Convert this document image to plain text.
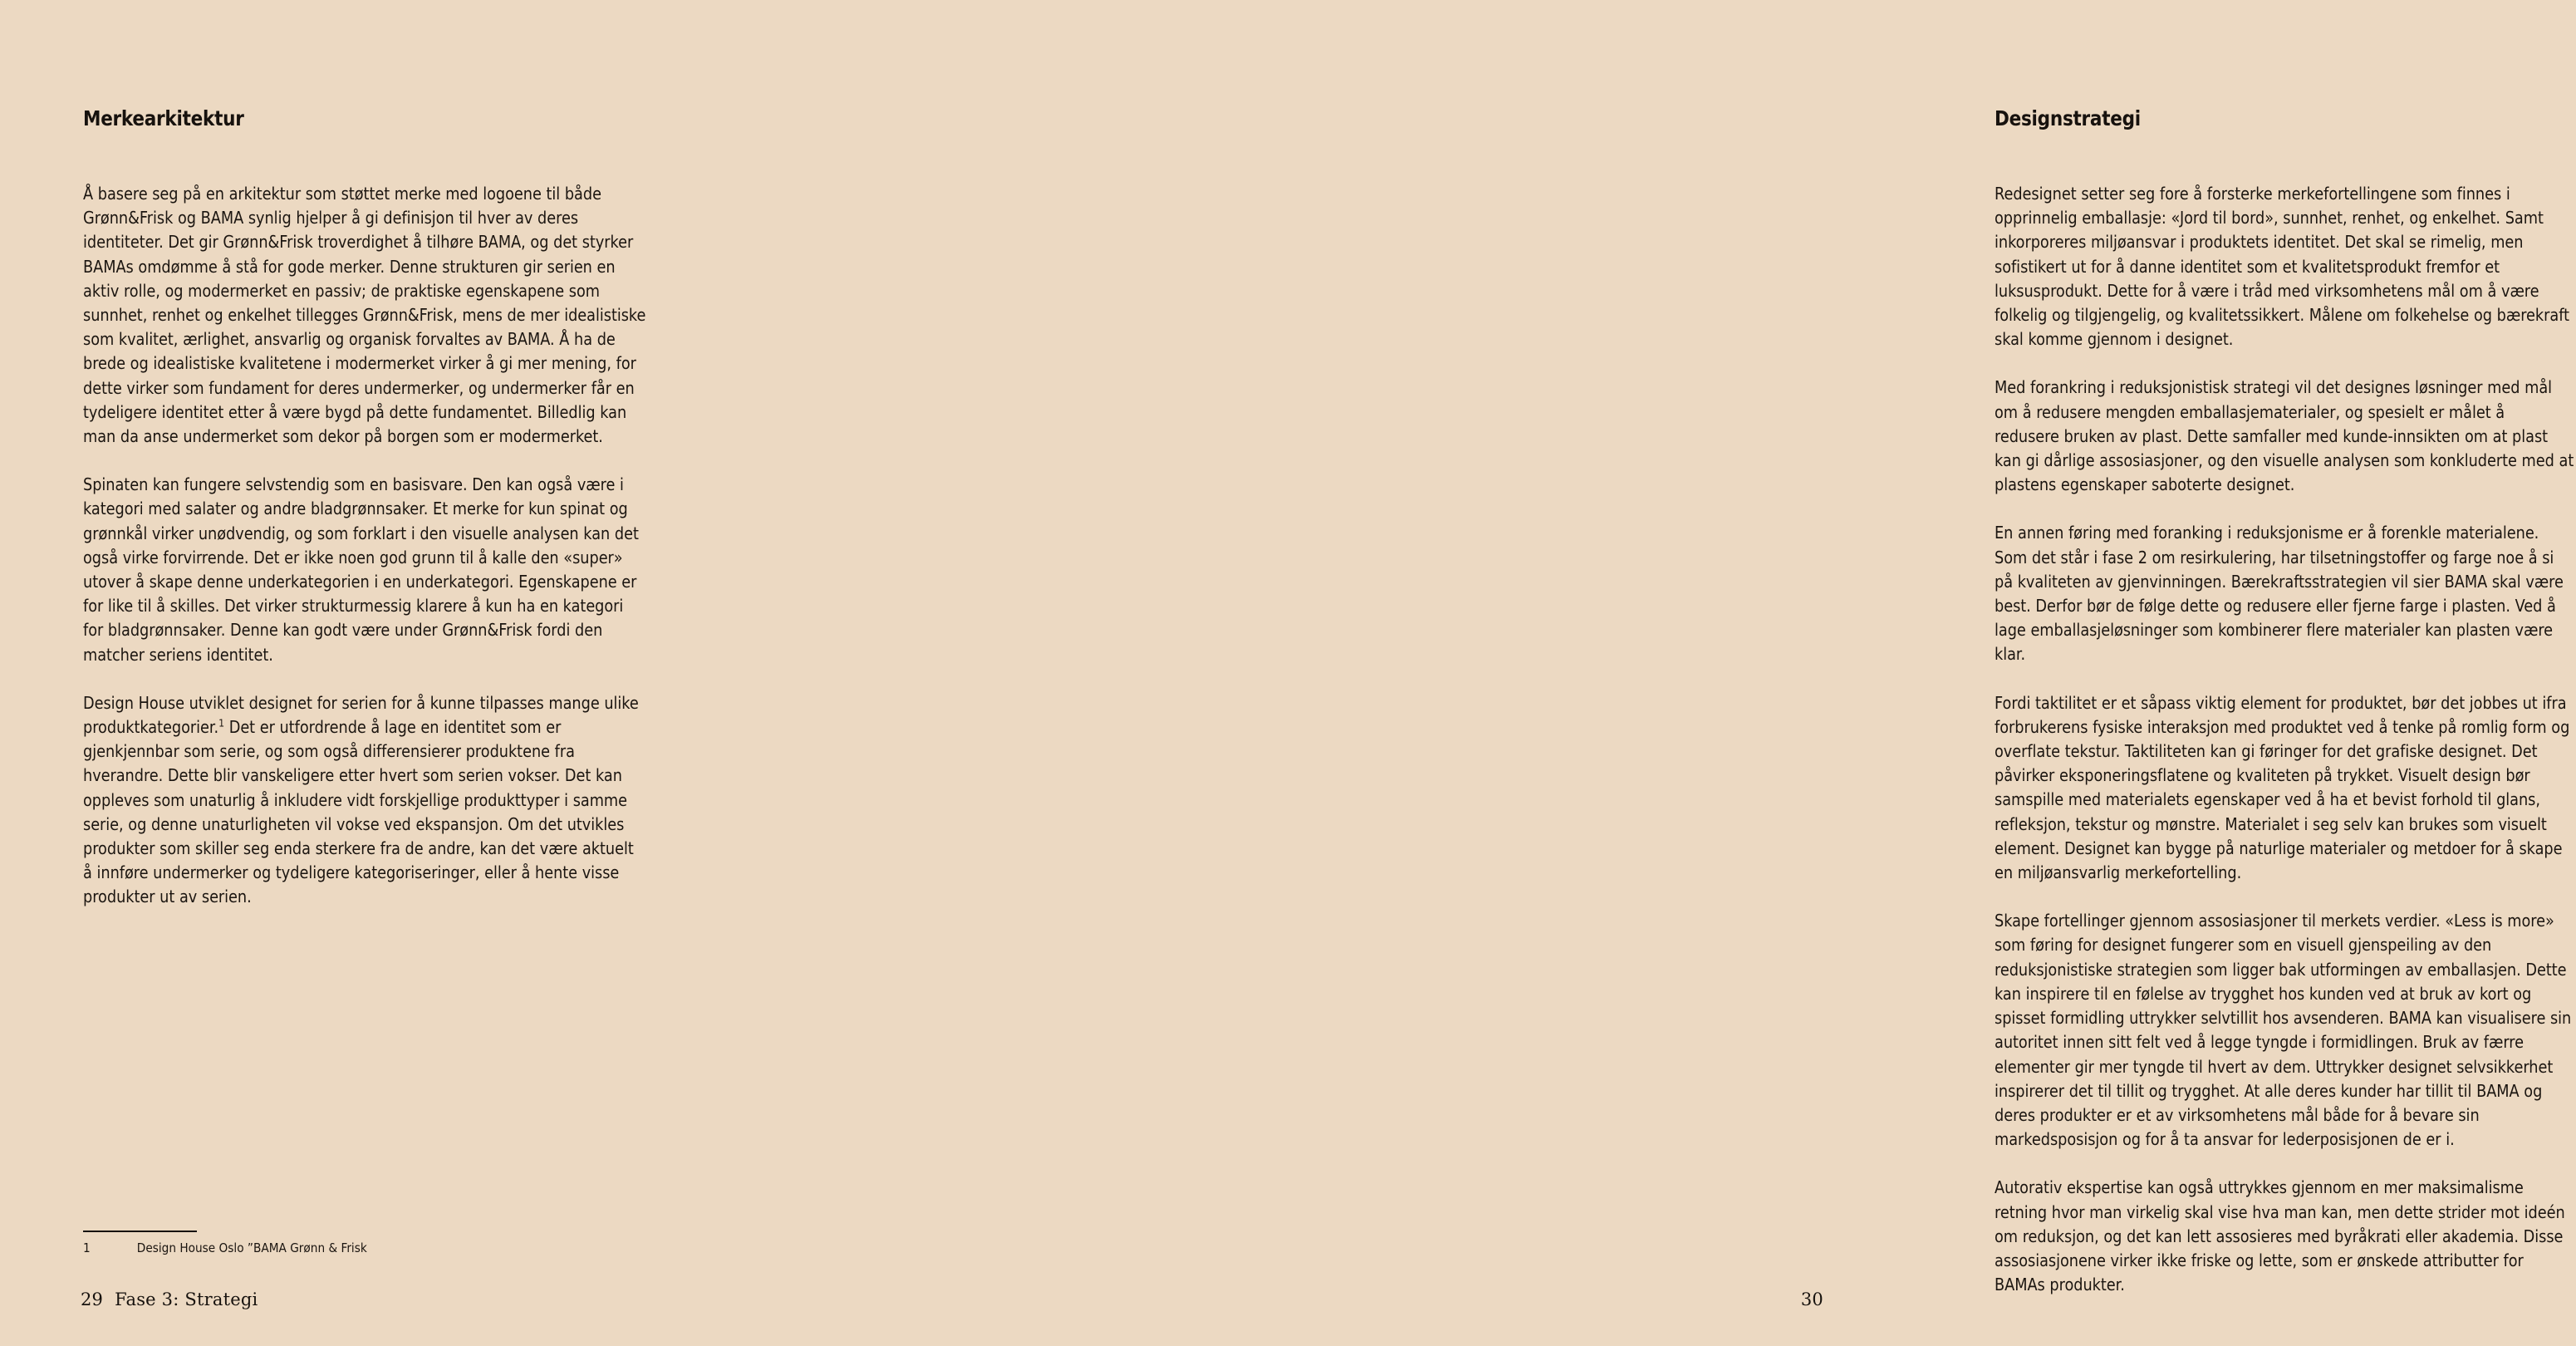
Merkearkitektur

Å basere seg på en arkitektur som støttet merke med logoene til både Grønn&Frisk og BAMA synlig hjelper å gi definisjon til hver av deres identiteter. Det gir Grønn&Frisk troverdighet å tilhøre BAMA, og det styrker BAMAs omdømme å stå for gode merker. Denne strukturen gir serien en aktiv rolle, og modermerket en passiv; de praktiske egenskapene som sunnhet, renhet og enkelhet tillegges Grønn&Frisk, mens de mer idealistiske som kvalitet, ærlighet, ansvarlig og organisk forvaltes av BAMA. Å ha de brede og idealistiske kvalitetene i modermerket virker å gi mer mening, for dette virker som fundament for deres undermerker, og undermerker får en tydeligere identitet etter å være bygd på dette fundamentet. Billedlig kan man da anse undermerket som dekor på borgen som er modermerket.

Spinaten kan fungere selvstendig som en basisvare. Den kan også være i kategori med salater og andre bladgrønnsaker. Et merke for kun spinat og grønnkål virker unødvendig, og som forklart i den visuelle analysen kan det også virke forvirrende. Det er ikke noen god grunn til å kalle den «super» utover å skape denne underkategorien i en underkategori. Egenskapene er for like til å skilles. Det virker strukturmessig klarere å kun ha en kategori for bladgrønnsaker. Denne kan godt være under Grønn&Frisk fordi den matcher seriens identitet.

Design House utviklet designet for serien for å kunne tilpasses mange ulike produktkategorier.$^1$ Det er utfordrende å lage en identitet som er gjenkjennbar som serie, og som også differensierer produktene fra hverandre. Dette blir vanskeligere etter hvert som serien vokser. Det kan oppleves som unaturlig å inkludere vidt forskjellige produkttyper i samme serie, og denne unaturligheten vil vokse ved ekspansjon. Om det utvikles produkter som skiller seg enda sterkere fra de andre, kan det være aktuelt å innføre undermerker og tydeligere kategoriseringer, eller å hente visse produkter ut av serien.

1	Design House Oslo ”BAMA Grønn & Frisk
29 Fase 3: Strategi
Designstrategi

Redesignet setter seg fore å forsterke merkefortellingene som finnes i opprinnelig emballasje: «Jord til bord», sunnhet, renhet, og enkelhet. Samt inkorporeres miljøansvar i produktets identitet. Det skal se rimelig, men sofistikert ut for å danne identitet som et kvalitetsprodukt fremfor et luksusprodukt. Dette for å være i tråd med virksomhetens mål om å være folkelig og tilgjengelig, og kvalitetssikkert. Målene om folkehelse og bærekraft skal komme gjennom i designet.

Med forankring i reduksjonistisk strategi vil det designes løsninger med mål om å redusere mengden emballasjematerialer, og spesielt er målet å redusere bruken av plast. Dette samfaller med kunde-innsikten om at plast kan gi dårlige assosiasjoner, og den visuelle analysen som konkluderte med at plastens egenskaper saboterte designet.

En annen føring med foranking i reduksjonisme er å forenkle materialene. Som det står i fase 2 om resirkulering, har tilsetningstoffer og farge noe å si på kvaliteten av gjenvinningen. Bærekraftsstrategien vil sier BAMA skal være best. Derfor bør de følge dette og redusere eller fjerne farge i plasten. Ved å lage emballasjeløsninger som kombinerer flere materialer kan plasten være klar.

Fordi taktilitet er et såpass viktig element for produktet, bør det jobbes ut ifra forbrukerens fysiske interaksjon med produktet ved å tenke på romlig form og overflate tekstur. Taktiliteten kan gi føringer for det grafiske designet. Det påvirker eksponeringsflatene og kvaliteten på trykket. Visuelt design bør samspille med materialets egenskaper ved å ha et bevist forhold til glans, refleksjon, tekstur og mønstre. Materialet i seg selv kan brukes som visuelt element. Designet kan bygge på naturlige materialer og metdoer for å skape en miljøansvarlig merkefortelling.

Skape fortellinger gjennom assosiasjoner til merkets verdier. «Less is more» som føring for designet fungerer som en visuell gjenspeiling av den reduksjonistiske strategien som ligger bak utformingen av emballasjen. Dette kan inspirere til en følelse av trygghet hos kunden ved at bruk av kort og spisset formidling uttrykker selvtillit hos avsenderen. BAMA kan visualisere sin autoritet innen sitt felt ved å legge tyngde i formidlingen. Bruk av færre elementer gir mer tyngde til hvert av dem. Uttrykker designet selvsikkerhet inspirerer det til tillit og trygghet. At alle deres kunder har tillit til BAMA og deres produkter er et av virksomhetens mål både for å bevare sin markedsposisjon og for å ta ansvar for lederposisjonen de er i.

Autorativ ekspertise kan også uttrykkes gjennom en mer maksimalisme retning hvor man virkelig skal vise hva man kan, men dette strider mot ideén om reduksjon, og det kan lett assosieres med byråkrati eller akademia. Disse assosiasjonene virker ikke friske og lette, som er ønskede attributter for BAMAs produkter.

30
